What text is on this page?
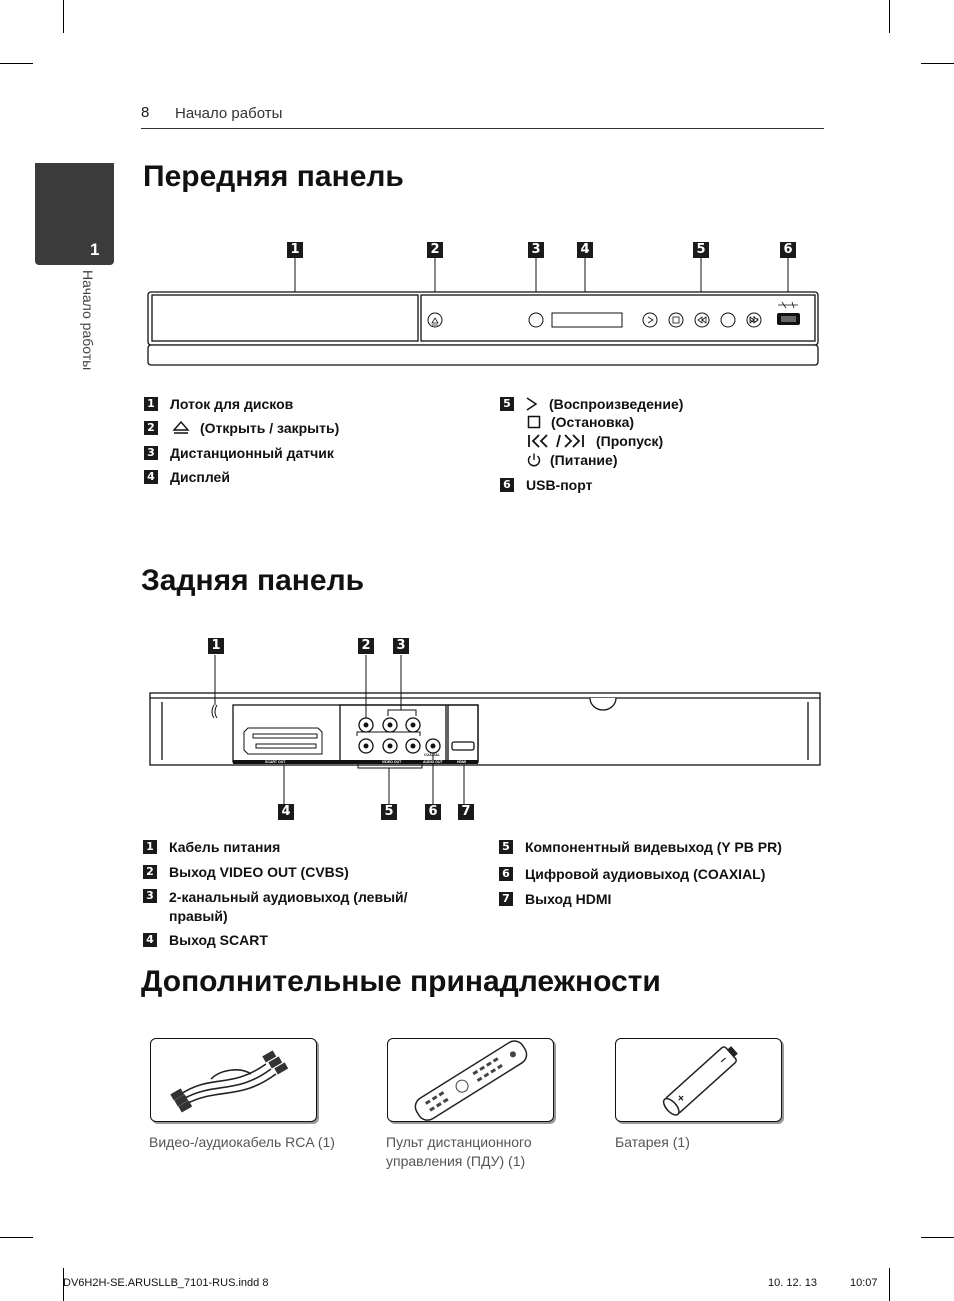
8 Начало работы
1
Начало работы
Передняя панель
1	2	3	4	5	6
1 Лоток для дисков
2	(Открыть / закрыть)
3 Дистанционный датчик
4 Дисплей
5	(Воспроизведение)
(Остановка)
(Пропуск)
(Питание)
6 USB-порт
Задняя панель
1	2 3
4	5	6 7
SCART OUT	VIDEO OUT
COAXIAL
AUDIO OUT	HDMI
1 Кабель питания
2 Выход VIDEO OUT (CVBS)
3 2-канальный аудиовыход (левый/ правый)
4 Выход SCART
5 Компонентный видевыход (Y PB PR)
6 Цифровой аудиовыход (COAXIAL)
7 Выход HDMI
Дополнительные принадлежности
Видео-/аудиокабель RCA (1)	Пульт дистанционного управления (ПДУ) (1)
Батарея (1)
DV6H2H-SE.ARUSLLB_7101-RUS.indd 8	10. 12. 13	10:07
